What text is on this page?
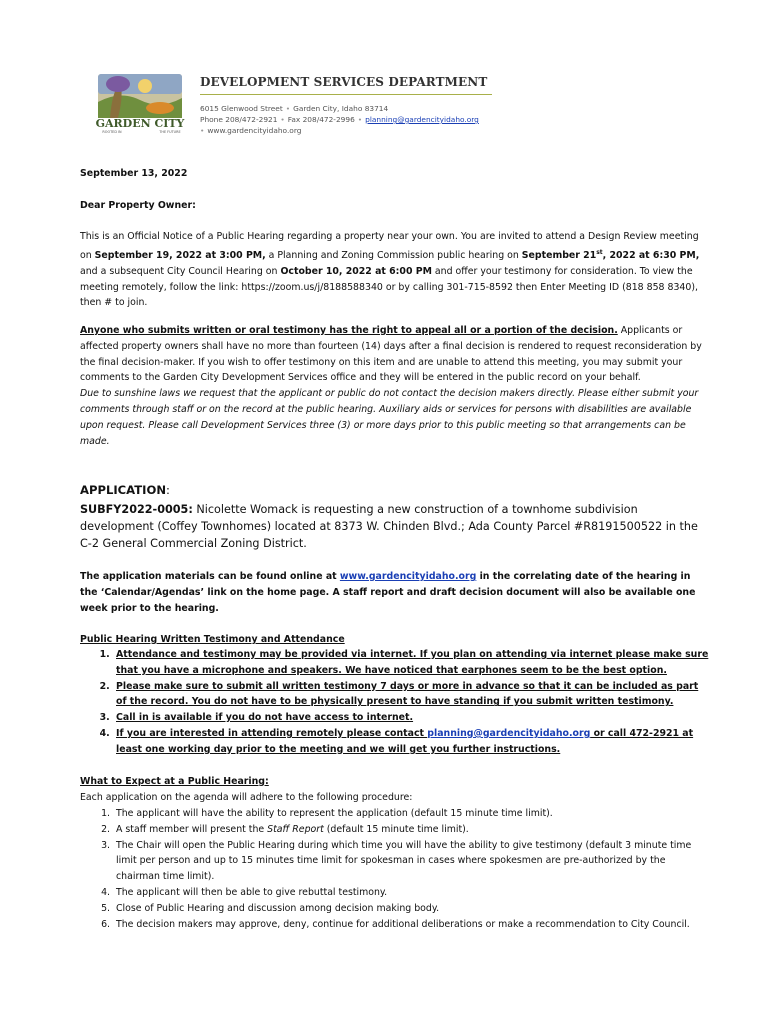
GARDEN CITY
ROOTED IN	THE FUTURE
DEVELOPMENT SERVICES DEPARTMENT
6015 Glenwood Street • Garden City, Idaho 83714
Phone 208/472-2921 • Fax 208/472-2996 • planning@gardencityidaho.org
• www.gardencityidaho.org
September 13, 2022
Dear Property Owner:
This is an Official Notice of a Public Hearing regarding a property near your own. You are invited to attend a Design Review meeting on September 19, 2022 at 3:00 PM, a Planning and Zoning Commission public hearing on September 21st, 2022 at 6:30 PM, and a subsequent City Council Hearing on October 10, 2022 at 6:00 PM and offer your testimony for consideration. To view the meeting remotely, follow the link: https://zoom.us/j/8188588340 or by calling 301-715-8592 then Enter Meeting ID (818 858 8340), then # to join.
Anyone who submits written or oral testimony has the right to appeal all or a portion of the decision. Applicants or affected property owners shall have no more than fourteen (14) days after a final decision is rendered to request reconsideration by the final decision-maker. If you wish to offer testimony on this item and are unable to attend this meeting, you may submit your comments to the Garden City Development Services office and they will be entered in the public record on your behalf.
Due to sunshine laws we request that the applicant or public do not contact the decision makers directly. Please either submit your comments through staff or on the record at the public hearing. Auxiliary aids or services for persons with disabilities are available upon request. Please call Development Services three (3) or more days prior to this public meeting so that arrangements can be made.
APPLICATION:
SUBFY2022-0005: Nicolette Womack is requesting a new construction of a townhome subdivision development (Coffey Townhomes) located at 8373 W. Chinden Blvd.; Ada County Parcel #R8191500522 in the C-2 General Commercial Zoning District.
The application materials can be found online at www.gardencityidaho.org in the correlating date of the hearing in the ‘Calendar/Agendas’ link on the home page. A staff report and draft decision document will also be available one week prior to the hearing.
Public Hearing Written Testimony and Attendance
1. Attendance and testimony may be provided via internet. If you plan on attending via internet please make sure that you have a microphone and speakers. We have noticed that earphones seem to be the best option.
2. Please make sure to submit all written testimony 7 days or more in advance so that it can be included as part of the record. You do not have to be physically present to have standing if you submit written testimony.
3. Call in is available if you do not have access to internet.
4. If you are interested in attending remotely please contact planning@gardencityidaho.org or call 472-2921 at least one working day prior to the meeting and we will get you further instructions.
What to Expect at a Public Hearing:
Each application on the agenda will adhere to the following procedure:
1. The applicant will have the ability to represent the application (default 15 minute time limit).
2. A staff member will present the Staff Report (default 15 minute time limit).
3. The Chair will open the Public Hearing during which time you will have the ability to give testimony (default 3 minute time limit per person and up to 15 minutes time limit for spokesman in cases where spokesmen are pre-authorized by the chairman time limit).
4. The applicant will then be able to give rebuttal testimony.
5. Close of Public Hearing and discussion among decision making body.
6. The decision makers may approve, deny, continue for additional deliberations or make a recommendation to City Council.
